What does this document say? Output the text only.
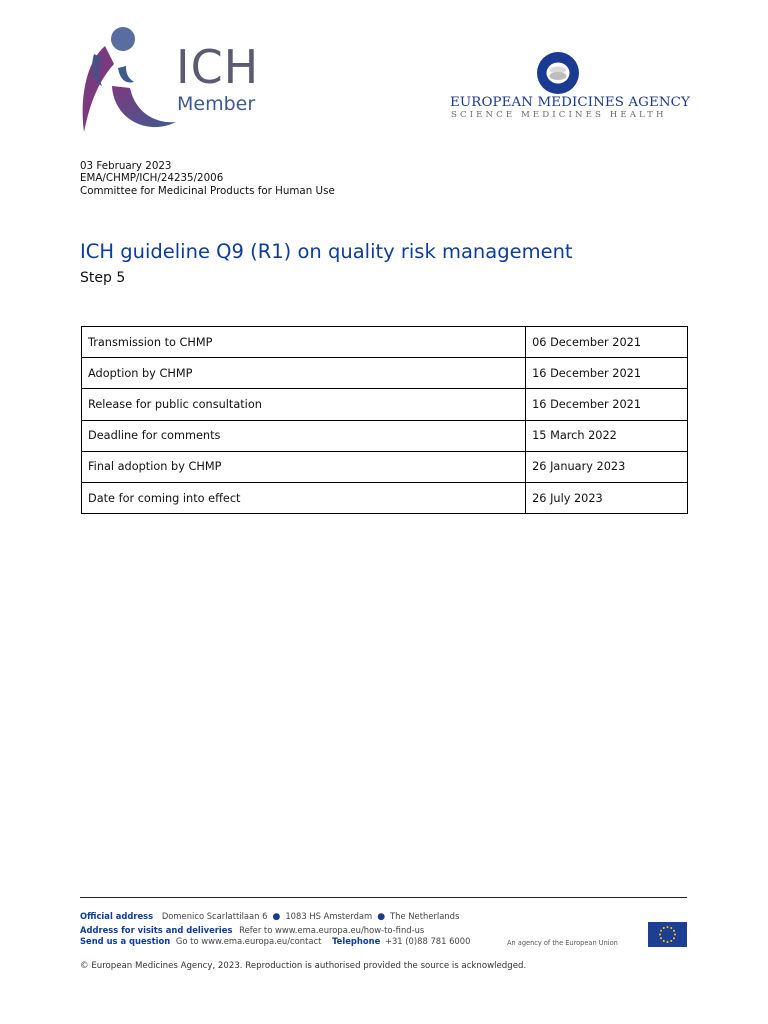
ICH
Member	EUROPEAN MEDICINES AGENCY
SCIENCE MEDICINES HEALTH
03 February 2023
EMA/CHMP/ICH/24235/2006
Committee for Medicinal Products for Human Use
ICH guideline Q9 (R1) on quality risk management
Step 5
Transmission to CHMP	06 December 2021
Adoption by CHMP	16 December 2021
Release for public consultation	16 December 2021
Deadline for comments	15 March 2022
Final adoption by CHMP	26 January 2023
Date for coming into effect	26 July 2023
Official address Domenico Scarlattilaan 6 ● 1083 HS Amsterdam ● The Netherlands
Address for visits and deliveries Refer to www.ema.europa.eu/how-to-find-us
Send us a question Go to www.ema.europa.eu/contact Telephone +31 (0)88 781 6000	An agency of the European Union
© European Medicines Agency, 2023. Reproduction is authorised provided the source is acknowledged.
